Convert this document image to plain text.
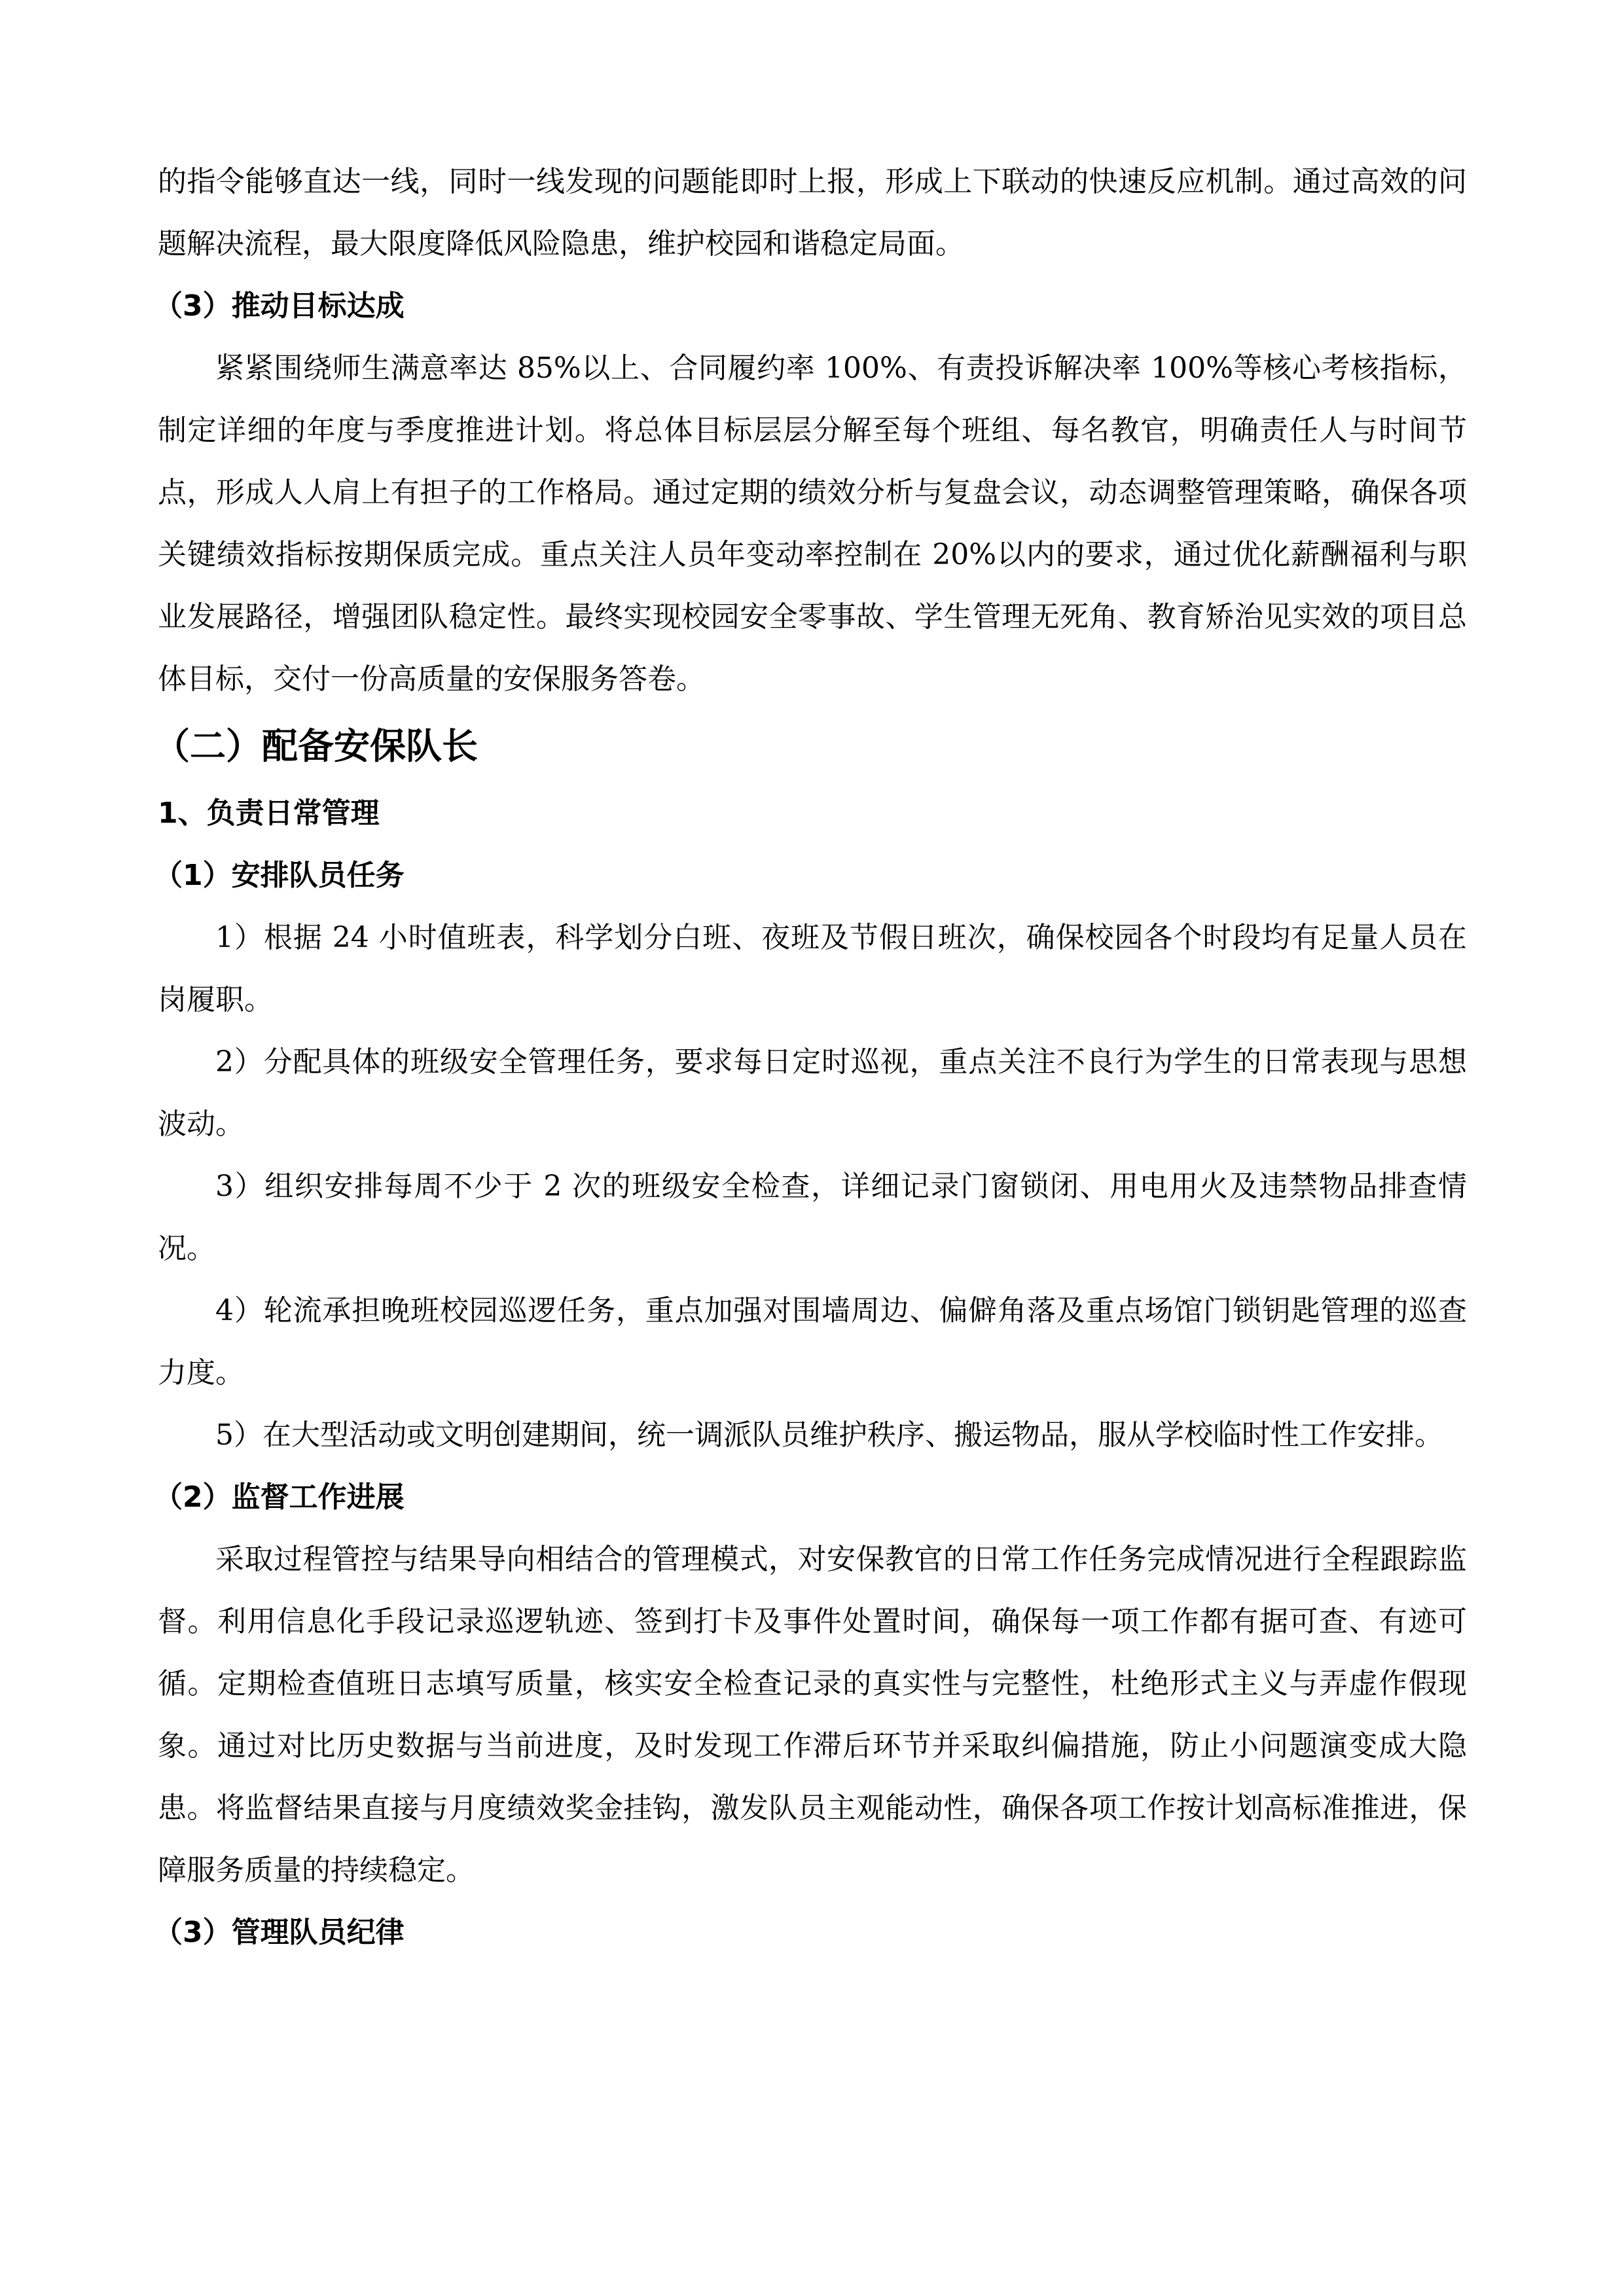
的指令能够直达一线，同时一线发现的问题能即时上报，形成上下联动的快速反应机制。通过高效的问题解决流程，最大限度降低风险隐患，维护校园和谐稳定局面。

（3）推动目标达成

紧紧围绕师生满意率达 85%以上、合同履约率 100%、有责投诉解决率 100%等核心考核指标，制定详细的年度与季度推进计划。将总体目标层层分解至每个班组、每名教官，明确责任人与时间节点，形成人人肩上有担子的工作格局。通过定期的绩效分析与复盘会议，动态调整管理策略，确保各项关键绩效指标按期保质完成。重点关注人员年变动率控制在 20%以内的要求，通过优化薪酬福利与职业发展路径，增强团队稳定性。最终实现校园安全零事故、学生管理无死角、教育矫治见实效的项目总体目标，交付一份高质量的安保服务答卷。

（二）配备安保队长

1、负责日常管理

（1）安排队员任务

1）根据 24 小时值班表，科学划分白班、夜班及节假日班次，确保校园各个时段均有足量人员在岗履职。

2）分配具体的班级安全管理任务，要求每日定时巡视，重点关注不良行为学生的日常表现与思想波动。

3）组织安排每周不少于 2 次的班级安全检查，详细记录门窗锁闭、用电用火及违禁物品排查情况。

4）轮流承担晚班校园巡逻任务，重点加强对围墙周边、偏僻角落及重点场馆门锁钥匙管理的巡查力度。

5）在大型活动或文明创建期间，统一调派队员维护秩序、搬运物品，服从学校临时性工作安排。

（2）监督工作进展

采取过程管控与结果导向相结合的管理模式，对安保教官的日常工作任务完成情况进行全程跟踪监督。利用信息化手段记录巡逻轨迹、签到打卡及事件处置时间，确保每一项工作都有据可查、有迹可循。定期检查值班日志填写质量，核实安全检查记录的真实性与完整性，杜绝形式主义与弄虚作假现象。通过对比历史数据与当前进度，及时发现工作滞后环节并采取纠偏措施，防止小问题演变成大隐患。将监督结果直接与月度绩效奖金挂钩，激发队员主观能动性，确保各项工作按计划高标准推进，保障服务质量的持续稳定。

（3）管理队员纪律
